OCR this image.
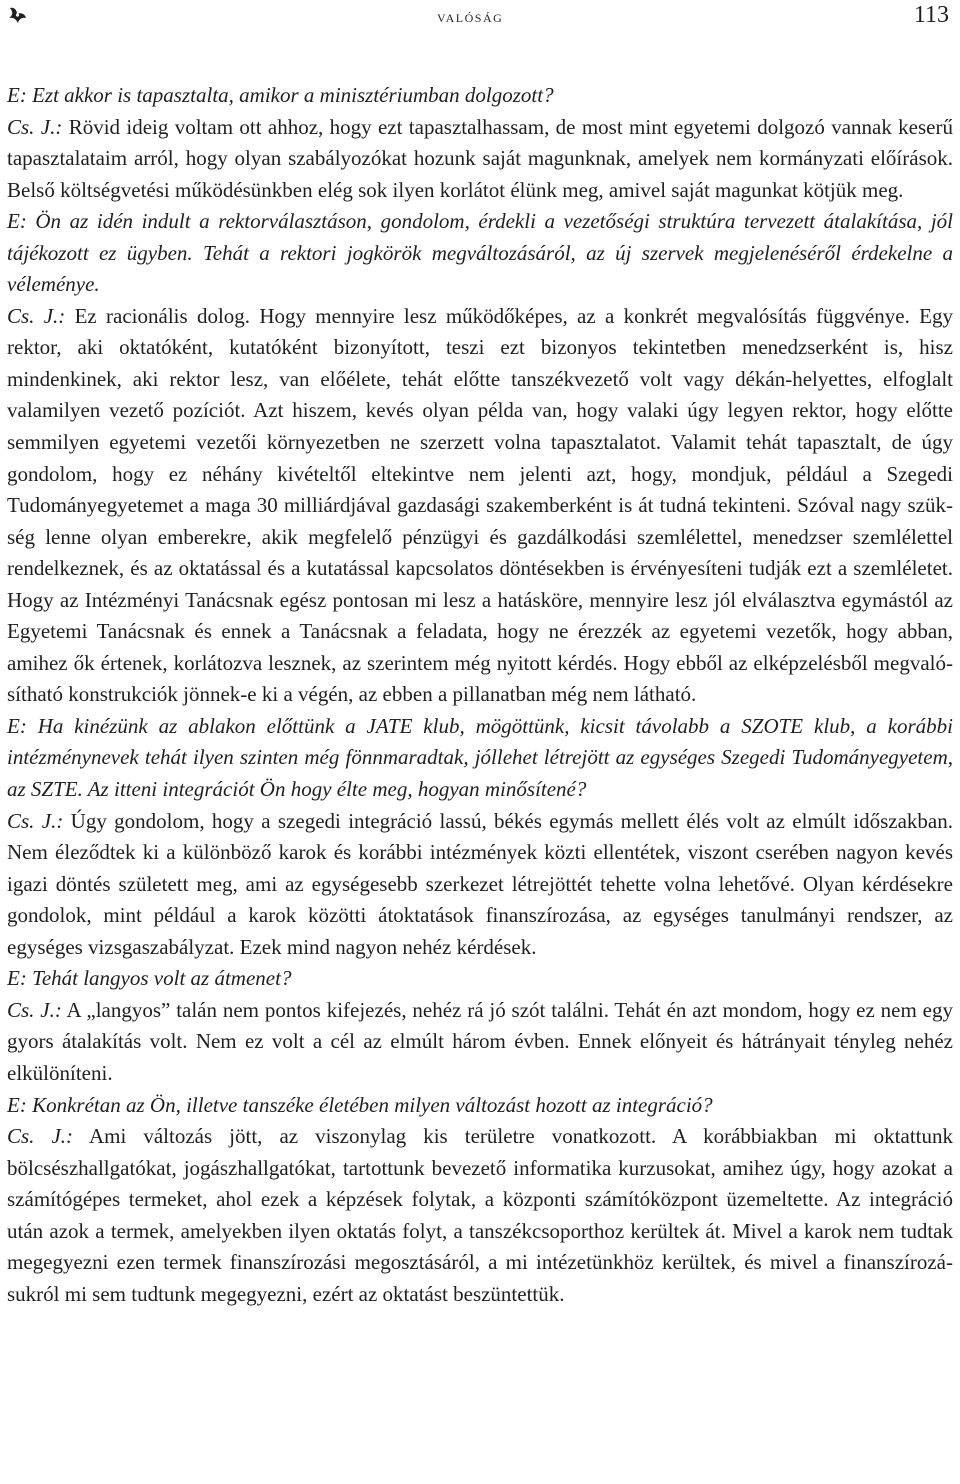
valóság	113

E: Ezt akkor is tapasztalta, amikor a minisztériumban dolgozott?

Cs. J.: Rövid ideig voltam ott ahhoz, hogy ezt tapasztalhassam, de most mint egyetemi dolgozó vannak keserű tapasztalataim arról, hogy olyan szabályozókat hozunk saját magunknak, amelyek nem kormányzati előírások. Belső költségvetési működésünkben elég sok ilyen korlátot élünk meg, amivel saját magunkat kötjük meg.

E: Ön az idén indult a rektorválasztáson, gondolom, érdekli a vezetőségi struktúra tervezett átalakítása, jól tájékozott ez ügyben. Tehát a rektori jogkörök megváltozásáról, az új szervek megjelenéséről érdekelne a véleménye.

Cs. J.: Ez racionális dolog. Hogy mennyire lesz működőképes, az a konkrét megvalósítás függvénye. Egy rektor, aki oktatóként, kutatóként bizonyított, teszi ezt bizonyos tekintetben menedzserként is, hisz mindenkinek, aki rektor lesz, van előélete, tehát előtte tanszékvezető volt vagy dékán-helyettes, elfoglalt valamilyen vezető pozíciót. Azt hiszem, kevés olyan példa van, hogy valaki úgy legyen rektor, hogy előtte semmilyen egyetemi vezetői környezetben ne szerzett volna tapasztalatot. Valamit tehát tapasztalt, de úgy gondolom, hogy ez néhány kivételtől eltekintve nem jelenti azt, hogy, mondjuk, például a Szegedi Tudományegyetemet a maga 30 milliárdjával gazdasági szakemberként is át tudná tekinteni. Szóval nagy szükség lenne olyan emberekre, akik megfelelő pénzügyi és gazdálkodási szemlélettel, menedzser szemlélettel rendelkeznek, és az oktatással és a kutatással kapcsolatos döntésekben is érvényesíteni tudják ezt a szemléletet. Hogy az Intézményi Tanácsnak egész pontosan mi lesz a hatásköre, mennyire lesz jól elválasztva egymástól az Egyetemi Tanácsnak és ennek a Tanácsnak a feladata, hogy ne érezzék az egyetemi vezetők, hogy abban, amihez ők értenek, korlátozva lesznek, az szerintem még nyitott kérdés. Hogy ebből az elképzelésből megvalósítható konstrukciók jönnek-e ki a végén, az ebben a pillanatban még nem látható.

E: Ha kinézünk az ablakon előttünk a JATE klub, mögöttünk, kicsit távolabb a SZOTE klub, a korábbi intézménynevek tehát ilyen szinten még fönnmaradtak, jóllehet létrejött az egységes Szegedi Tudományegyetem, az SZTE. Az itteni integrációt Ön hogy élte meg, hogyan minősítené?

Cs. J.: Úgy gondolom, hogy a szegedi integráció lassú, békés egymás mellett élés volt az elmúlt időszakban. Nem éleződtek ki a különböző karok és korábbi intézmények közti ellentétek, viszont cserében nagyon kevés igazi döntés született meg, ami az egységesebb szerkezet létrejöttét tehette volna lehetővé. Olyan kérdésekre gondolok, mint például a karok közötti átoktatások finanszírozása, az egységes tanulmányi rendszer, az egységes vizsgaszabályzat. Ezek mind nagyon nehéz kérdések.

E: Tehát langyos volt az átmenet?

Cs. J.: A „langyos” talán nem pontos kifejezés, nehéz rá jó szót találni. Tehát én azt mondom, hogy ez nem egy gyors átalakítás volt. Nem ez volt a cél az elmúlt három évben. Ennek előnyeit és hátrányait tényleg nehéz elkülöníteni.

E: Konkrétan az Ön, illetve tanszéke életében milyen változást hozott az integráció?

Cs. J.: Ami változás jött, az viszonylag kis területre vonatkozott. A korábbiakban mi oktattunk bölcsészhallgatókat, jogászhallgatókat, tartottunk bevezető informatika kurzusokat, amihez úgy, hogy azokat a számítógépes termeket, ahol ezek a képzések folytak, a központi számítóközpont üzemeltette. Az integráció után azok a termek, amelyekben ilyen oktatás folyt, a tanszékcsoporthoz kerültek át. Mivel a karok nem tudtak megegyezni ezen termek finanszírozási megosztásáról, a mi intézetünkhöz kerültek, és mivel a finanszírozásukról mi sem tudtunk megegyezni, ezért az oktatást beszüntettük.
